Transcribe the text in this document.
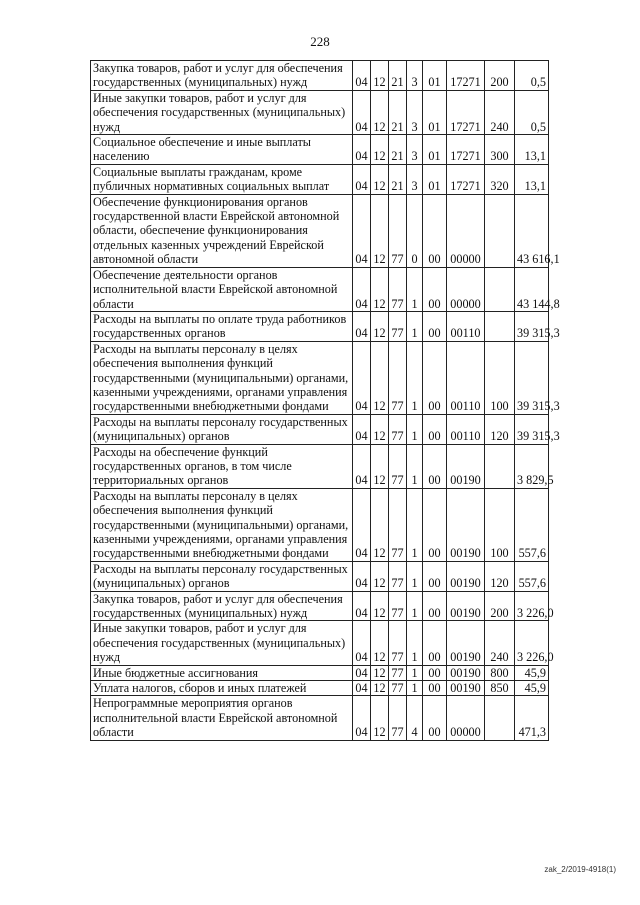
228
Закупка товаров, работ и услуг для обеспечения государственных (муниципальных) нужд	04	12	21	3	01	17271	200	0,5
Иные закупки товаров, работ и услуг для обеспечения государственных (муниципальных) нужд	04	12	21	3	01	17271	240	0,5
Социальное обеспечение и иные выплаты населению	04	12	21	3	01	17271	300	13,1
Социальные выплаты гражданам, кроме публичных нормативных социальных выплат	04	12	21	3	01	17271	320	13,1
Обеспечение функционирования органов государственной власти Еврейской автономной области, обеспечение функционирования отдельных казенных учреждений Еврейской автономной области	04	12	77	0	00	00000		43 616,1
Обеспечение деятельности органов исполнительной власти Еврейской автономной области	04	12	77	1	00	00000		43 144,8
Расходы на выплаты по оплате труда работников государственных органов	04	12	77	1	00	00110		39 315,3
Расходы на выплаты персоналу в целях обеспечения выполнения функций государственными (муниципальными) органами, казенными учреждениями, органами управления государственными внебюджетными фондами	04	12	77	1	00	00110	100	39 315,3
Расходы на выплаты персоналу государственных (муниципальных) органов	04	12	77	1	00	00110	120	39 315,3
Расходы на обеспечение функций государственных органов, в том числе территориальных органов	04	12	77	1	00	00190		3 829,5
Расходы на выплаты персоналу в целях обеспечения выполнения функций государственными (муниципальными) органами, казенными учреждениями, органами управления государственными внебюджетными фондами	04	12	77	1	00	00190	100	557,6
Расходы на выплаты персоналу государственных (муниципальных) органов	04	12	77	1	00	00190	120	557,6
Закупка товаров, работ и услуг для обеспечения государственных (муниципальных) нужд	04	12	77	1	00	00190	200	3 226,0
Иные закупки товаров, работ и услуг для обеспечения государственных (муниципальных) нужд	04	12	77	1	00	00190	240	3 226,0
Иные бюджетные ассигнования	04	12	77	1	00	00190	800	45,9
Уплата налогов, сборов и иных платежей	04	12	77	1	00	00190	850	45,9
Непрограммные мероприятия органов исполнительной власти Еврейской автономной области	04	12	77	4	00	00000		471,3
zak_2/2019-4918(1)
